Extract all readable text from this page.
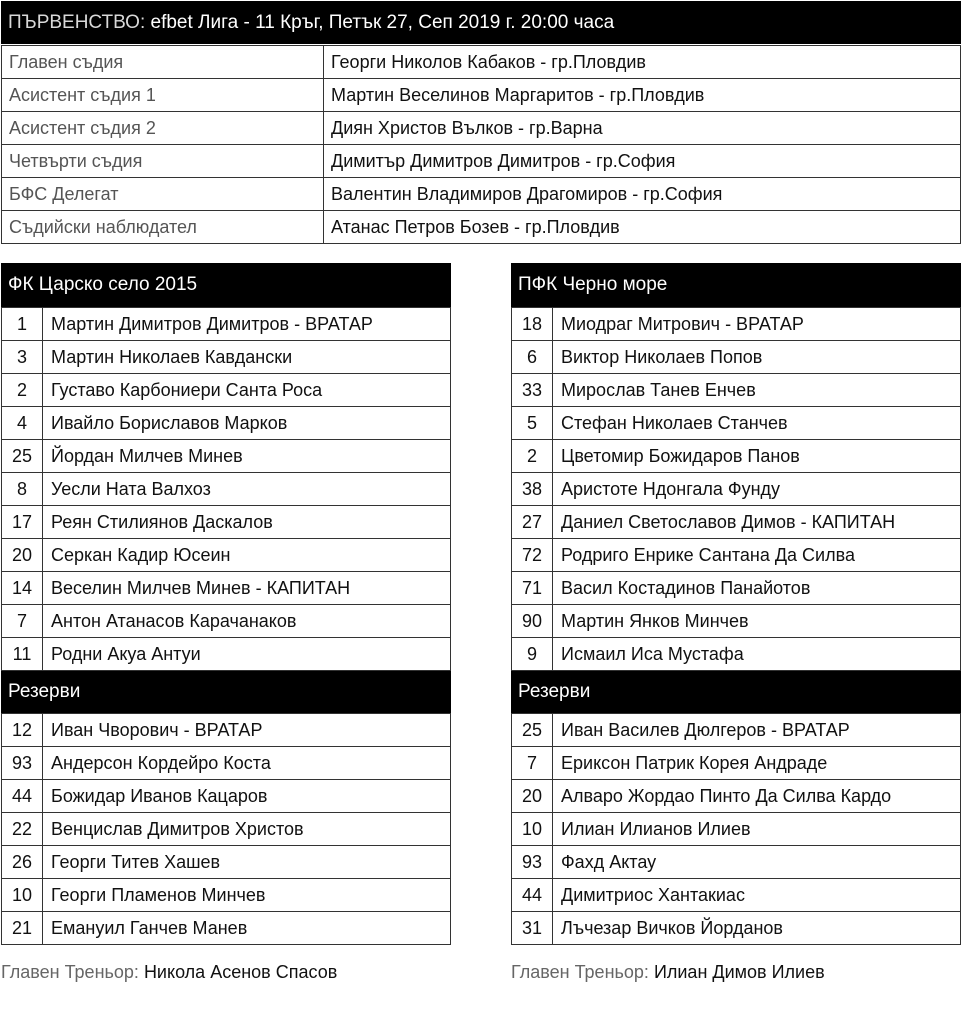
ПЪРВЕНСТВО: efbet Лига - 11 Кръг, Петък 27, Сеп 2019 г. 20:00 часа
Главен съдия	Георги Николов Кабаков - гр.Пловдив
Асистент съдия 1	Мартин Веселинов Маргаритов - гр.Пловдив
Асистент съдия 2	Диян Христов Вълков - гр.Варна
Четвърти съдия	Димитър Димитров Димитров - гр.София
БФС Делегат	Валентин Владимиров Драгомиров - гр.София
Съдийски наблюдател	Атанас Петров Бозев - гр.Пловдив
ФК Царско село 2015
1	Мартин Димитров Димитров - ВРАТАР
3	Мартин Николаев Кавдански
2	Густаво Карбониери Санта Роса
4	Ивайло Бориславов Марков
25	Йордан Милчев Минев
8	Уесли Ната Валхоз
17	Реян Стилиянов Даскалов
20	Серкан Кадир Юсеин
14	Веселин Милчев Минев - КАПИТАН
7	Антон Атанасов Карачанаков
11	Родни Акуа Антуи
Резерви
12	Иван Чворович - ВРАТАР
93	Андерсон Кордейро Коста
44	Божидар Иванов Кацаров
22	Венцислав Димитров Христов
26	Георги Титев Хашев
10	Георги Пламенов Минчев
21	Емануил Ганчев Манев
ПФК Черно море
18	Миодраг Митрович - ВРАТАР
6	Виктор Николаев Попов
33	Мирослав Танев Енчев
5	Стефан Николаев Станчев
2	Цветомир Божидаров Панов
38	Аристоте Ндонгала Фунду
27	Даниел Светославов Димов - КАПИТАН
72	Родриго Енрике Сантана Да Силва
71	Васил Костадинов Панайотов
90	Мартин Янков Минчев
9	Исмаил Иса Мустафа
Резерви
25	Иван Василев Дюлгеров - ВРАТАР
7	Ериксон Патрик Корея Андраде
20	Алваро Жордао Пинто Да Силва Кардо
10	Илиан Илианов Илиев
93	Фахд Актау
44	Димитриос Хантакиас
31	Лъчезар Вичков Йорданов
Главен Треньор: Никола Асенов Спасов	Главен Треньор: Илиан Димов Илиев
